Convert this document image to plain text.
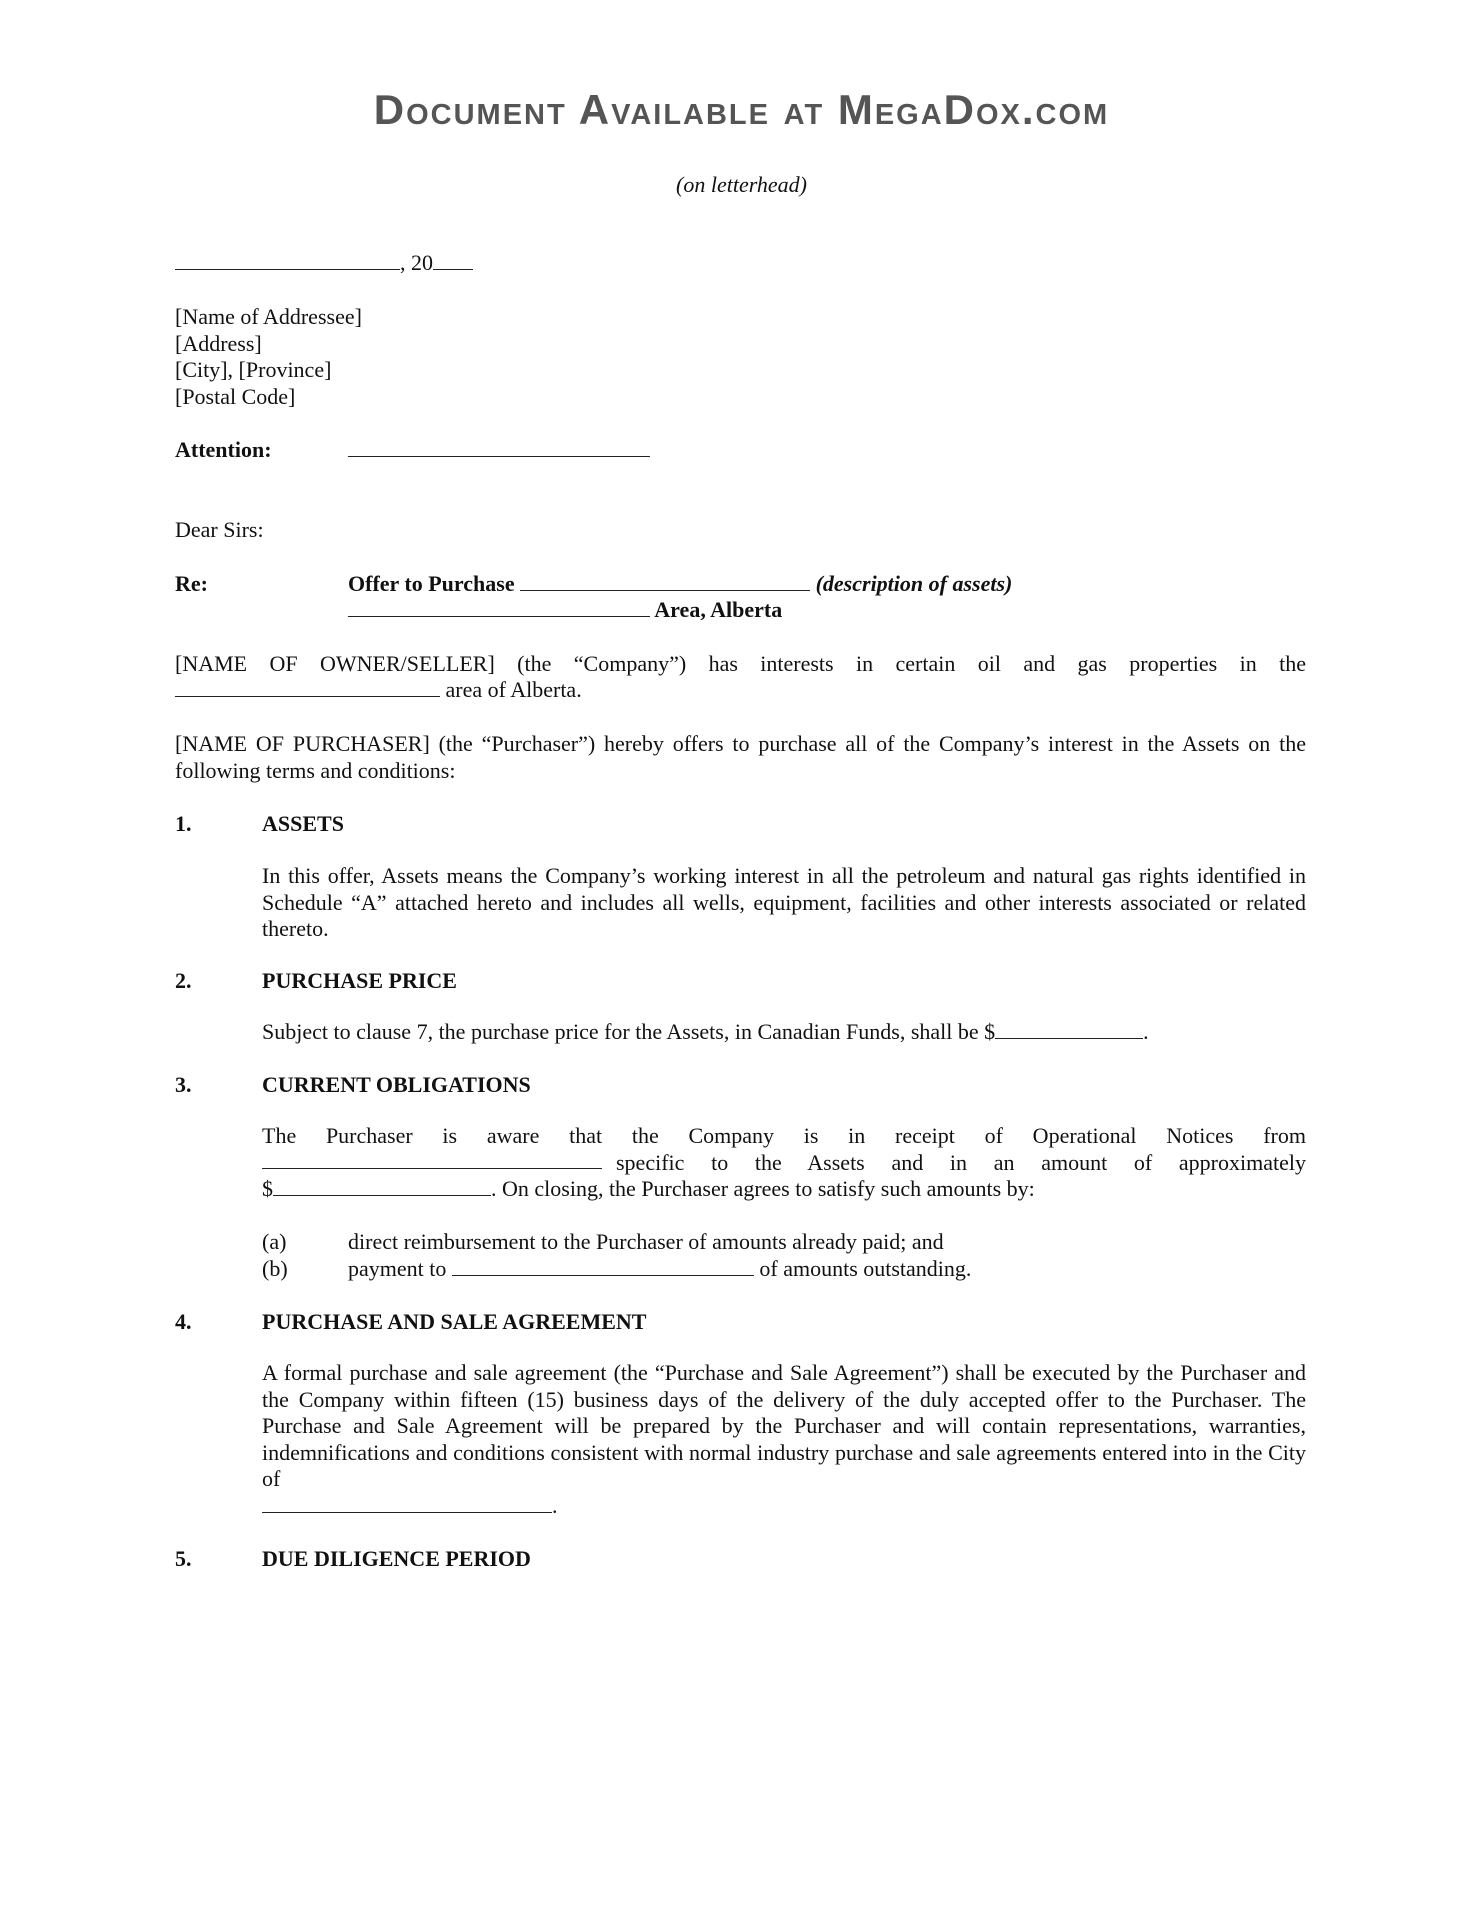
Document Available at MegaDox.com
(on letterhead)
, 20
[Name of Addressee]
[Address]
[City], [Province]
[Postal Code]
Attention:
Dear Sirs:
Re:	Offer to Purchase	(description of assets)
Area, Alberta
[NAME OF OWNER/SELLER] (the “Company”) has interests in certain oil and gas properties in the
area of Alberta.
[NAME OF PURCHASER] (the “Purchaser”) hereby offers to purchase all of the Company’s interest in the Assets on the following terms and conditions:
1.	ASSETS
In this offer, Assets means the Company’s working interest in all the petroleum and natural gas rights identified in Schedule “A” attached hereto and includes all wells, equipment, facilities and other interests associated or related thereto.
2.	PURCHASE PRICE
Subject to clause 7, the purchase price for the Assets, in Canadian Funds, shall be $	.
3.	CURRENT OBLIGATIONS
The Purchaser is aware that the Company is in receipt of Operational Notices from
specific to the Assets and in an amount of approximately
$	. On closing, the Purchaser agrees to satisfy such amounts by:
(a)	direct reimbursement to the Purchaser of amounts already paid; and
(b)	payment to	of amounts outstanding.
4.	PURCHASE AND SALE AGREEMENT
A formal purchase and sale agreement (the “Purchase and Sale Agreement”) shall be executed by the Purchaser and the Company within fifteen (15) business days of the delivery of the duly accepted offer to the Purchaser. The Purchase and Sale Agreement will be prepared by the Purchaser and will contain representations, warranties, indemnifications and conditions consistent with normal industry purchase and sale agreements entered into in the City of
.
5.	DUE DILIGENCE PERIOD
